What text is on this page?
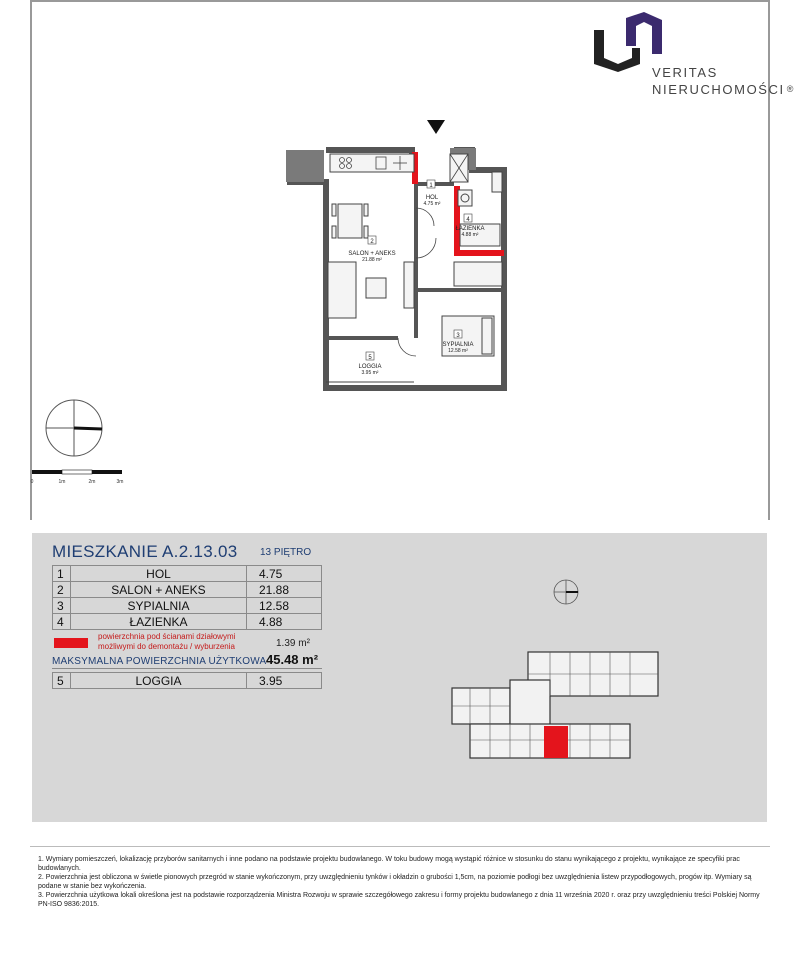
VERITAS
NIERUCHOMOŚCI ®
1
HOL
4.75 m²
2
SALON + ANEKS
21.88 m²
3
SYPIALNIA
12.58 m²
4
ŁAZIENKA
4.88 m²
5
LOGGIA
3.95 m²
0	1m	2m	3m
MIESZKANIE A.2.13.03 13 PIĘTRO
1	HOL	4.75
2	SALON + ANEKS	21.88
3	SYPIALNIA	12.58
4	ŁAZIENKA	4.88
powierzchnia pod ścianami działowymi
możliwymi do demontażu / wyburzenia	1.39 m²
MAKSYMALNA POWIERZCHNIA UŻYTKOWA 45.48 m²
5	LOGGIA	3.95

1. Wymiary pomieszczeń, lokalizację przyborów sanitarnych i inne podano na podstawie projektu budowlanego. W toku budowy mogą wystąpić różnice w stosunku do stanu wynikającego z projektu, wynikające ze specyfiki prac budowlanych.

2. Powierzchnia jest obliczona w świetle pionowych przegród w stanie wykończonym, przy uwzględnieniu tynków i okładzin o grubości 1,5cm, na poziomie podłogi bez uwzględnienia listew przypodłogowych, progów itp. Wymiary są podane w stanie bez wykończenia.

3. Powierzchnia użytkowa lokali określona jest na podstawie rozporządzenia Ministra Rozwoju w sprawie szczegółowego zakresu i formy projektu budowlanego z dnia 11 września 2020 r. oraz przy uwzględnieniu treści Polskiej Normy PN-ISO 9836:2015.
